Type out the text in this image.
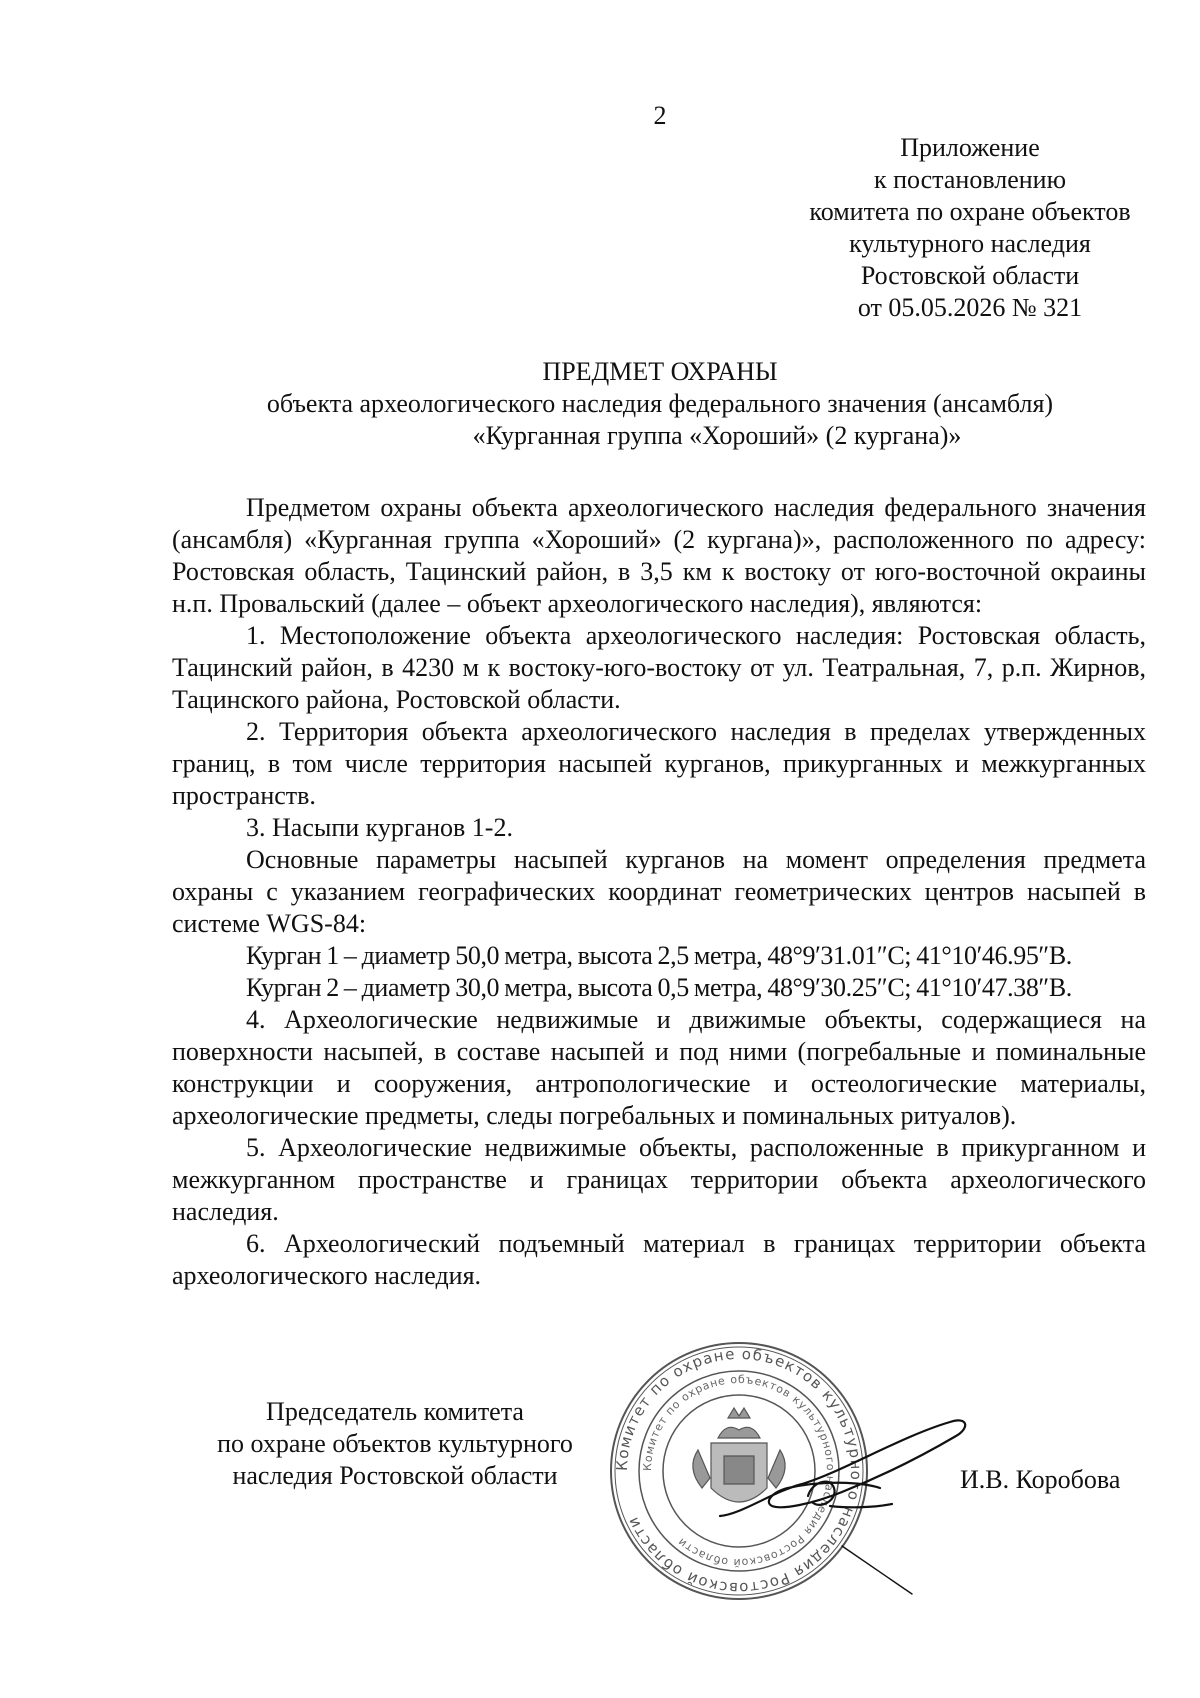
2
Приложение
к постановлению
комитета по охране объектов
культурного наследия
Ростовской области
от 05.05.2026 № 321
ПРЕДМЕТ ОХРАНЫ
объекта археологического наследия федерального значения (ансамбля)
«Курганная группа «Хороший» (2 кургана)»

Предметом охраны объекта археологического наследия федерального значения (ансамбля) «Курганная группа «Хороший» (2 кургана)», расположенного по адресу: Ростовская область, Тацинский район, в 3,5 км к востоку от юго-восточной окраины н.п. Провальский (далее – объект археологического наследия), являются:

1. Местоположение объекта археологического наследия: Ростовская область, Тацинский район, в 4230 м к востоку-юго-востоку от ул. Театральная, 7, р.п. Жирнов, Тацинского района, Ростовской области.

2. Территория объекта археологического наследия в пределах утвержденных границ, в том числе территория насыпей курганов, прикурганных и межкурганных пространств.

3. Насыпи курганов 1-2.

Основные параметры насыпей курганов на момент определения предмета охраны с указанием географических координат геометрических центров насыпей в системе WGS-84:

Курган 1 – диаметр 50,0 метра, высота 2,5 метра, 48°9′31.01″С; 41°10′46.95″В.

Курган 2 – диаметр 30,0 метра, высота 0,5 метра, 48°9′30.25″С; 41°10′47.38″В.

4. Археологические недвижимые и движимые объекты, содержащиеся на поверхности насыпей, в составе насыпей и под ними (погребальные и поминальные конструкции и сооружения, антропологические и остеологические материалы, археологические предметы, следы погребальных и поминальных ритуалов).

5. Археологические недвижимые объекты, расположенные в прикурганном и межкурганном пространстве и границах территории объекта археологического наследия.

6. Археологический подъемный материал в границах территории объекта археологического наследия.

Председатель комитета
по охране объектов культурного
наследия Ростовской области	Комитет по охране объектов культурного наследия Ростовской области
Комитет по охране объектов культурного наследия Ростовской области
И.В. Коробова
